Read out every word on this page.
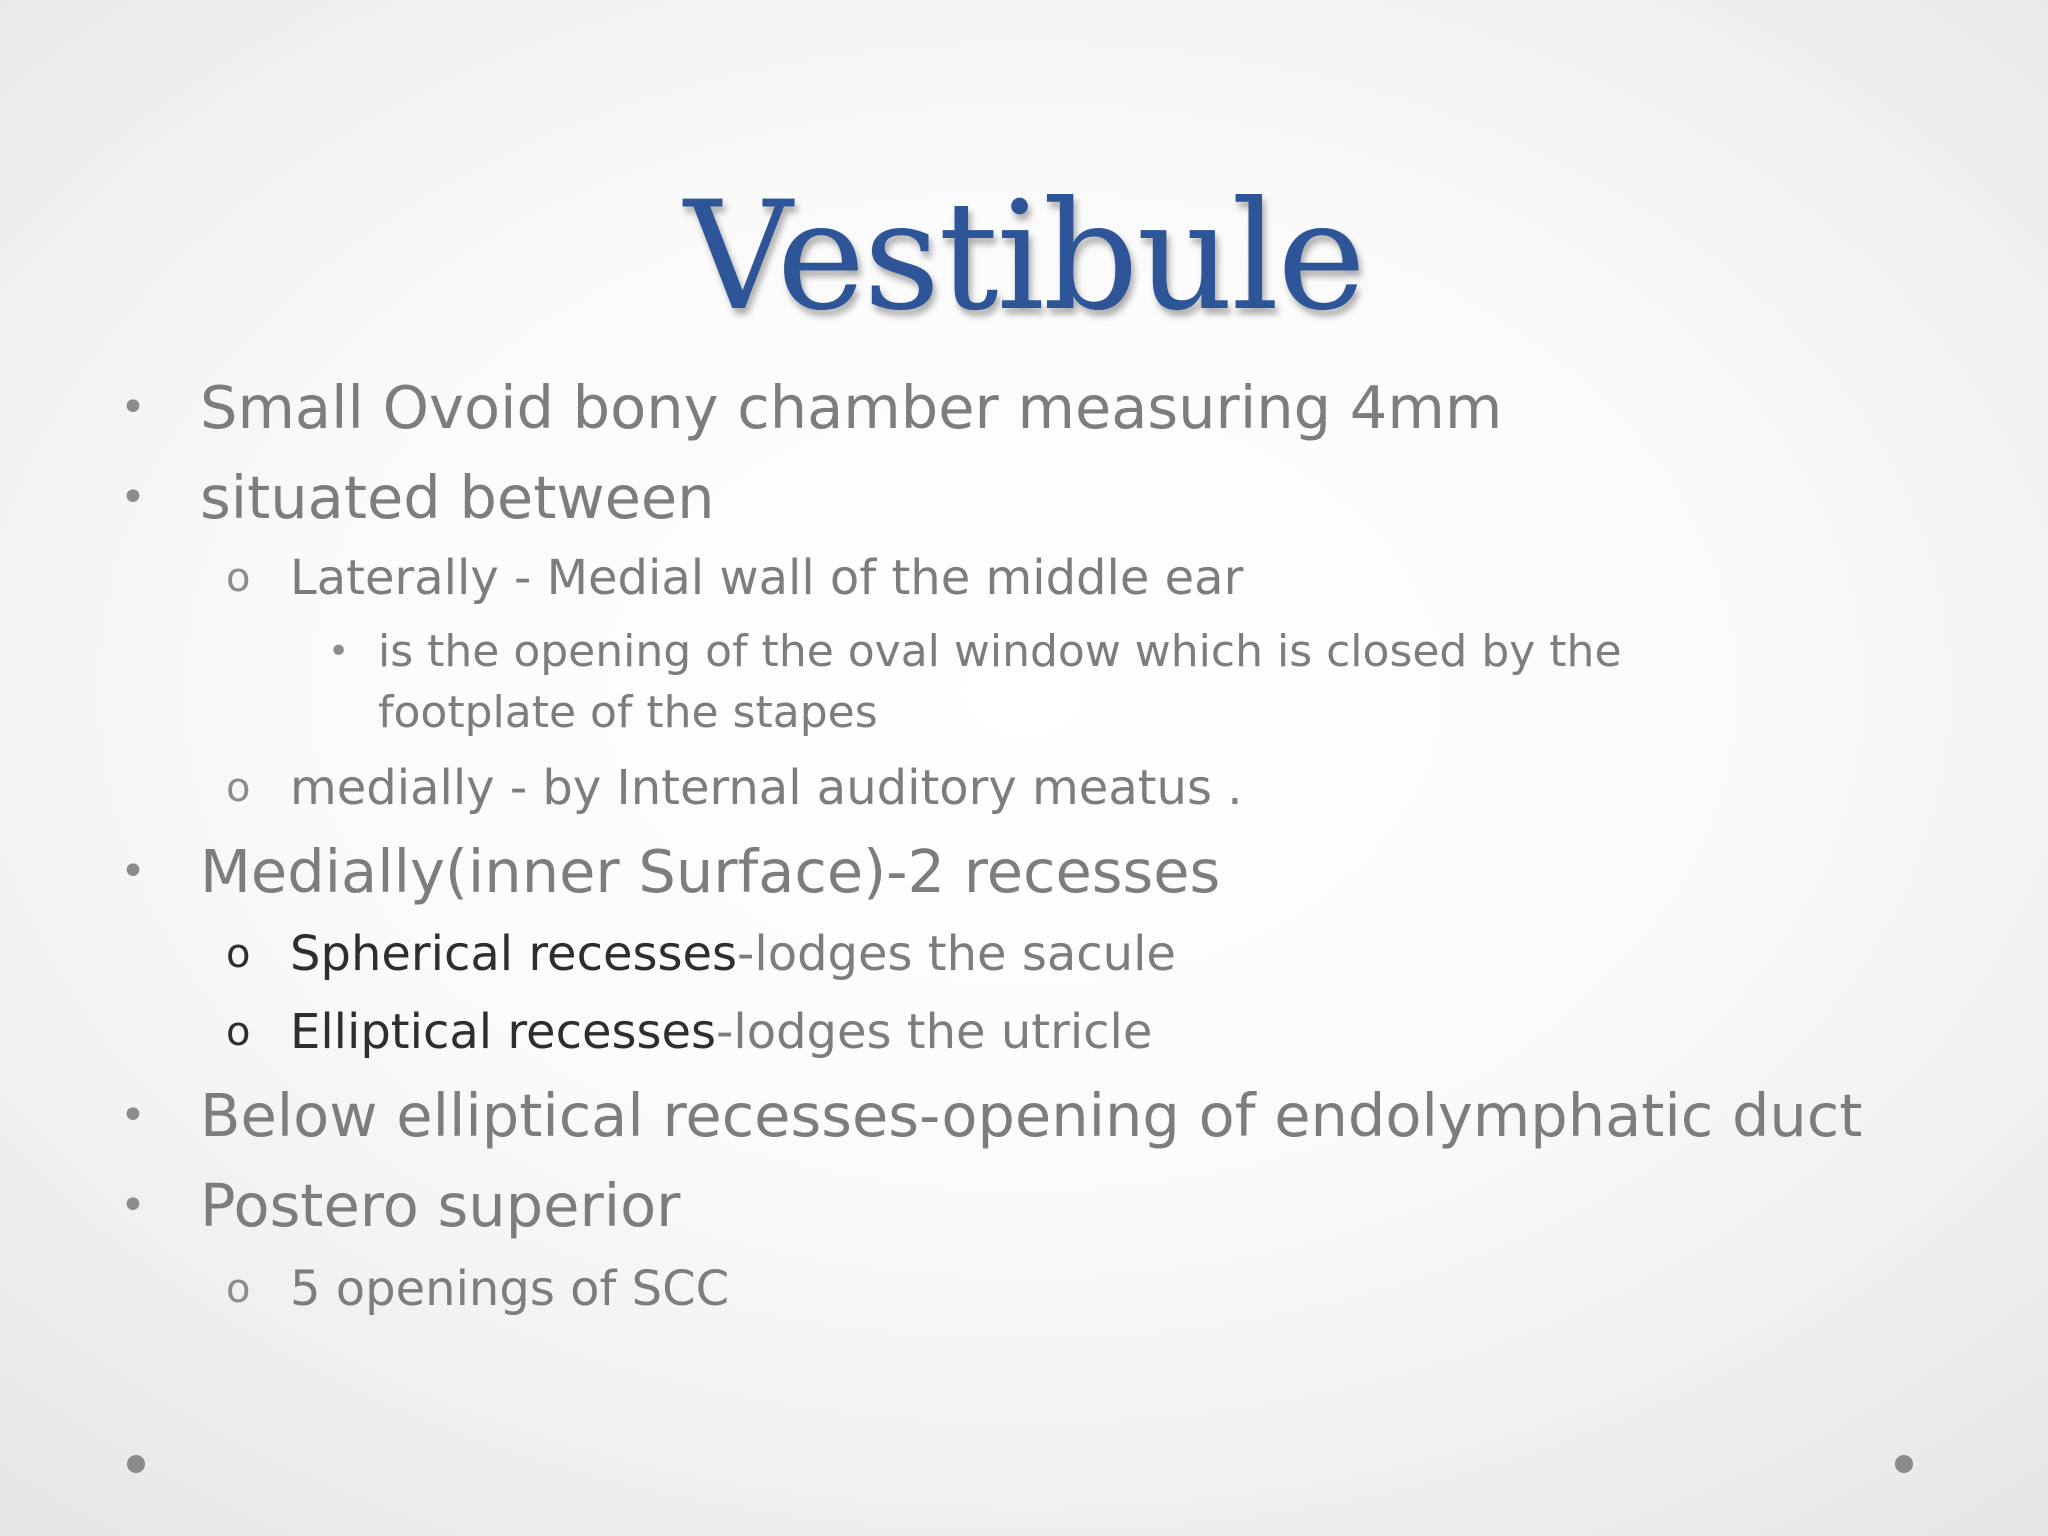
Vestibule
• Small Ovoid bony chamber measuring 4mm
• situated between
o Laterally - Medial wall of the middle ear
• is the opening of the oval window which is closed by the
footplate of the stapes
o medially - by Internal auditory meatus .
• Medially(inner Surface)-2 recesses
o Spherical recesses-lodges the sacule
o Elliptical recesses-lodges the utricle
• Below elliptical recesses-opening of endolymphatic duct
• Postero superior
o 5 openings of SCC
